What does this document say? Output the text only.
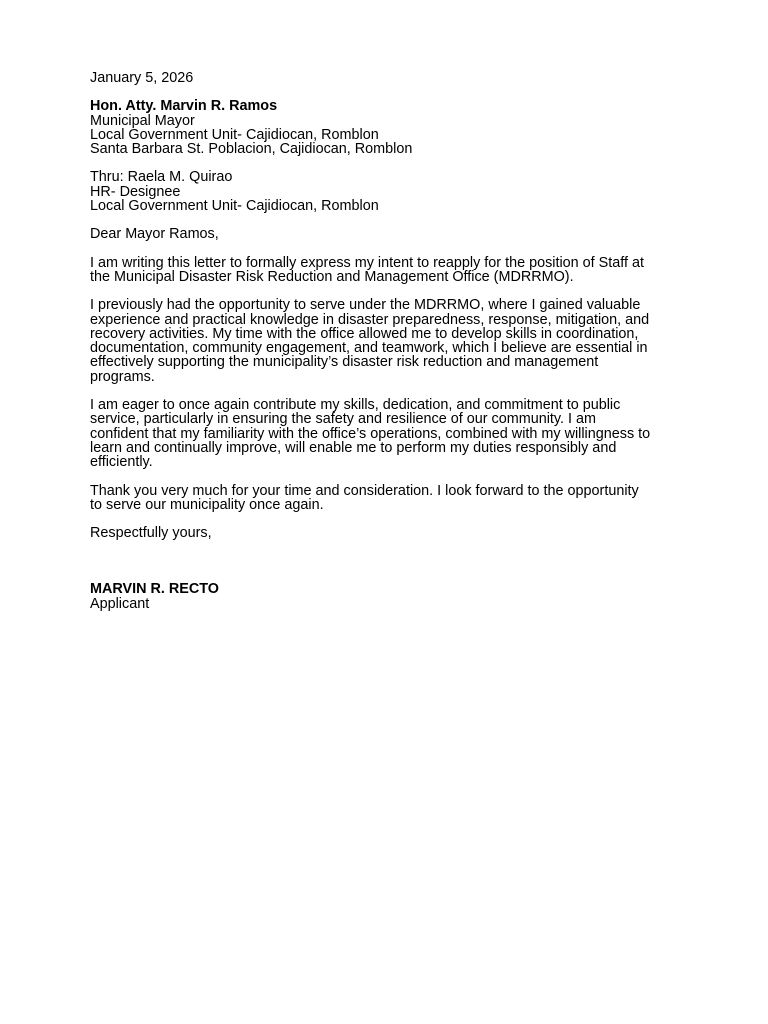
January 5, 2026
Hon. Atty. Marvin R. Ramos
Municipal Mayor
Local Government Unit- Cajidiocan, Romblon
Santa Barbara St. Poblacion, Cajidiocan, Romblon
Thru: Raela M. Quirao
HR- Designee
Local Government Unit- Cajidiocan, Romblon
Dear Mayor Ramos,
I am writing this letter to formally express my intent to reapply for the position of Staff at
the Municipal Disaster Risk Reduction and Management Office (MDRRMO).
I previously had the opportunity to serve under the MDRRMO, where I gained valuable
experience and practical knowledge in disaster preparedness, response, mitigation, and
recovery activities. My time with the office allowed me to develop skills in coordination,
documentation, community engagement, and teamwork, which I believe are essential in
effectively supporting the municipality’s disaster risk reduction and management
programs.
I am eager to once again contribute my skills, dedication, and commitment to public
service, particularly in ensuring the safety and resilience of our community. I am
confident that my familiarity with the office’s operations, combined with my willingness to
learn and continually improve, will enable me to perform my duties responsibly and
efficiently.
Thank you very much for your time and consideration. I look forward to the opportunity
to serve our municipality once again.
Respectfully yours,
MARVIN R. RECTO
Applicant
